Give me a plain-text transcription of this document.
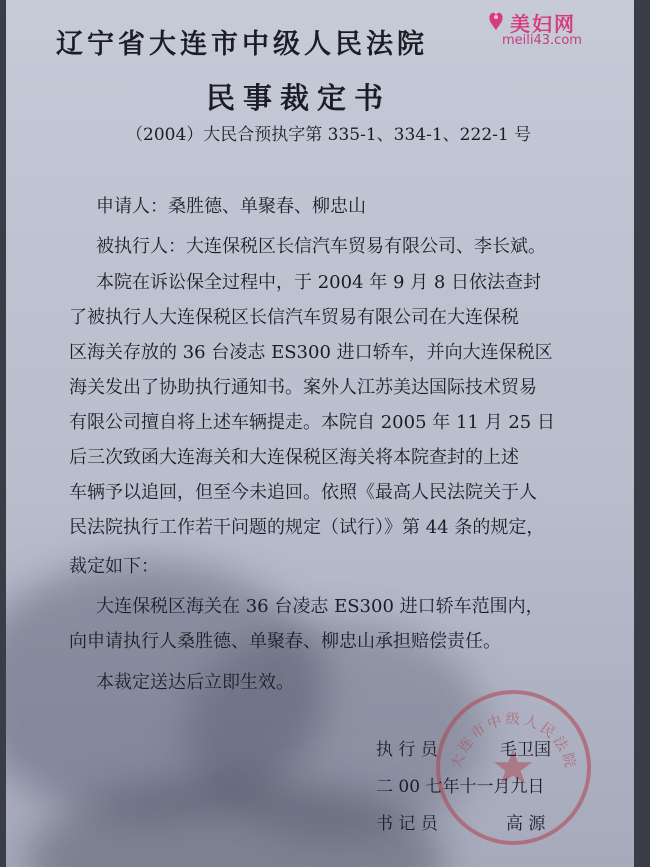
辽宁省大连市中级人民法院
民事裁定书
（2004）大民合预执字第 335-1、334-1、222-1 号
申请人：桑胜德、单聚春、柳忠山
被执行人：大连保税区长信汽车贸易有限公司、李长斌。
本院在诉讼保全过程中，于 2004 年 9 月 8 日依法查封
了被执行人大连保税区长信汽车贸易有限公司在大连保税
区海关存放的 36 台凌志 ES300 进口轿车，并向大连保税区
海关发出了协助执行通知书。案外人江苏美达国际技术贸易
有限公司擅自将上述车辆提走。本院自 2005 年 11 月 25 日
后三次致函大连海关和大连保税区海关将本院查封的上述
车辆予以追回，但至今未追回。依照《最高人民法院关于人
民法院执行工作若干问题的规定（试行）》第 44 条的规定，
裁定如下：
大连保税区海关在 36 台凌志 ES300 进口轿车范围内，
向申请执行人桑胜德、单聚春、柳忠山承担赔偿责任。
本裁定送达后立即生效。
大连市中级人民法院
执 行 员	毛卫国
二 00 七年十一月九日
书 记 员	高 源
美妇网
meili43.com
